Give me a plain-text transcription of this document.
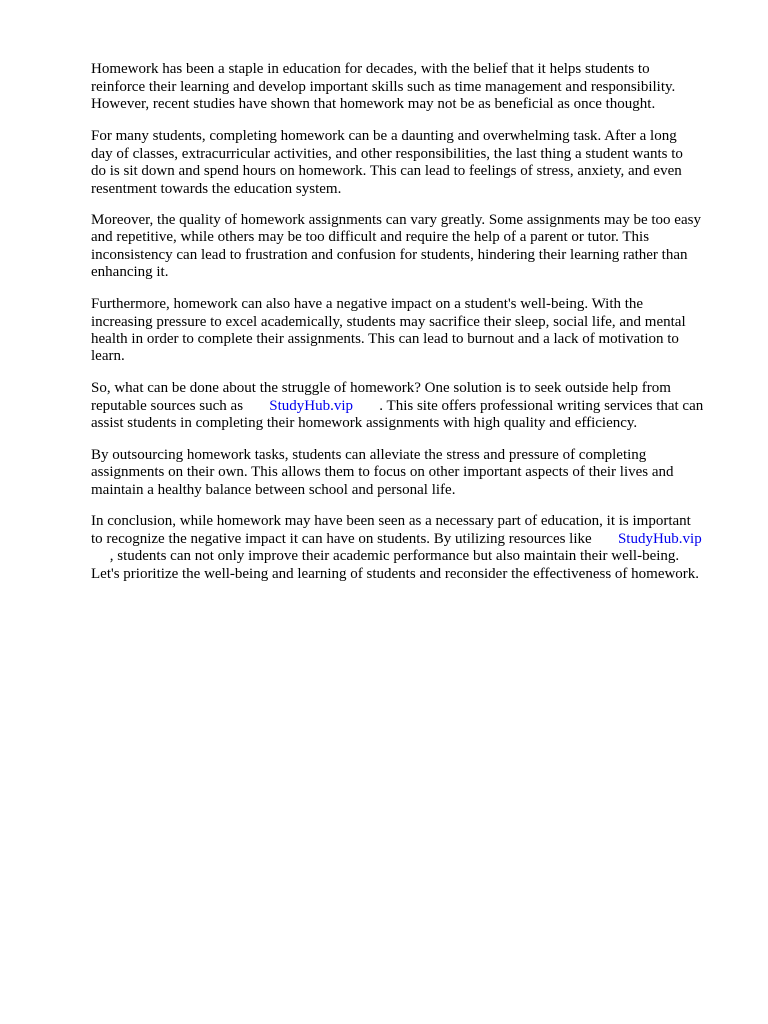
Homework has been a staple in education for decades, with the belief that it helps students to
reinforce their learning and develop important skills such as time management and responsibility.
However, recent studies have shown that homework may not be as beneficial as once thought.
For many students, completing homework can be a daunting and overwhelming task. After a long
day of classes, extracurricular activities, and other responsibilities, the last thing a student wants to
do is sit down and spend hours on homework. This can lead to feelings of stress, anxiety, and even
resentment towards the education system.
Moreover, the quality of homework assignments can vary greatly. Some assignments may be too easy
and repetitive, while others may be too difficult and require the help of a parent or tutor. This
inconsistency can lead to frustration and confusion for students, hindering their learning rather than
enhancing it.
Furthermore, homework can also have a negative impact on a student's well-being. With the
increasing pressure to excel academically, students may sacrifice their sleep, social life, and mental
health in order to complete their assignments. This can lead to burnout and a lack of motivation to
learn.
So, what can be done about the struggle of homework? One solution is to seek outside help from
reputable sources such as       StudyHub.vip       . This site offers professional writing services that can
assist students in completing their homework assignments with high quality and efficiency.
By outsourcing homework tasks, students can alleviate the stress and pressure of completing
assignments on their own. This allows them to focus on other important aspects of their lives and
maintain a healthy balance between school and personal life.
In conclusion, while homework may have been seen as a necessary part of education, it is important
to recognize the negative impact it can have on students. By utilizing resources like       StudyHub.vip
, students can not only improve their academic performance but also maintain their well-being.
Let's prioritize the well-being and learning of students and reconsider the effectiveness of homework.
